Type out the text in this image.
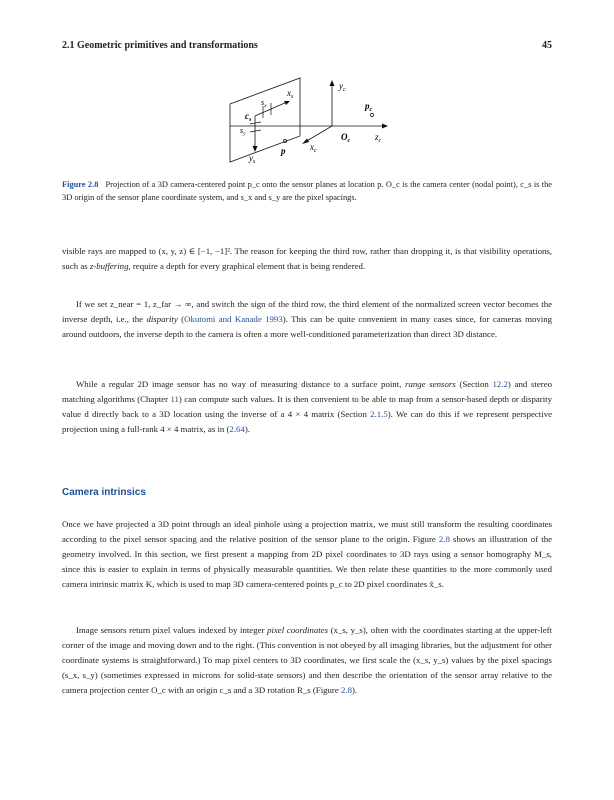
2.1 Geometric primitives and transformations	45
$y_c$
$x_s$
$s_x$
$c_s$
$s_y$
$y_s$
p
$p_c$
$O_c$	$z_c$
$x_c$
Figure 2.8 Projection of a 3D camera-centered point p_c onto the sensor planes at location p. O_c is the camera center (nodal point), c_s is the 3D origin of the sensor plane coordinate system, and s_x and s_y are the pixel spacings.

visible rays are mapped to (x, y, z) ∈ [−1, −1]². The reason for keeping the third row, rather than dropping it, is that visibility operations, such as z-buffering, require a depth for every graphical element that is being rendered.

If we set z_near = 1, z_far → ∞, and switch the sign of the third row, the third element of the normalized screen vector becomes the inverse depth, i.e., the disparity (Okutomi and Kanade 1993). This can be quite convenient in many cases since, for cameras moving around outdoors, the inverse depth to the camera is often a more well-conditioned parameterization than direct 3D distance.

While a regular 2D image sensor has no way of measuring distance to a surface point, range sensors (Section 12.2) and stereo matching algorithms (Chapter 11) can compute such values. It is then convenient to be able to map from a sensor-based depth or disparity value d directly back to a 3D location using the inverse of a 4 × 4 matrix (Section 2.1.5). We can do this if we represent perspective projection using a full-rank 4 × 4 matrix, as in (2.64).

Camera intrinsics

Once we have projected a 3D point through an ideal pinhole using a projection matrix, we must still transform the resulting coordinates according to the pixel sensor spacing and the relative position of the sensor plane to the origin. Figure 2.8 shows an illustration of the geometry involved. In this section, we first present a mapping from 2D pixel coordinates to 3D rays using a sensor homography M_s, since this is easier to explain in terms of physically measurable quantities. We then relate these quantities to the more commonly used camera intrinsic matrix K, which is used to map 3D camera-centered points p_c to 2D pixel coordinates x̃_s.

Image sensors return pixel values indexed by integer pixel coordinates (x_s, y_s), often with the coordinates starting at the upper-left corner of the image and moving down and to the right. (This convention is not obeyed by all imaging libraries, but the adjustment for other coordinate systems is straightforward.) To map pixel centers to 3D coordinates, we first scale the (x_s, y_s) values by the pixel spacings (s_x, s_y) (sometimes expressed in microns for solid-state sensors) and then describe the orientation of the sensor array relative to the camera projection center O_c with an origin c_s and a 3D rotation R_s (Figure 2.8).
